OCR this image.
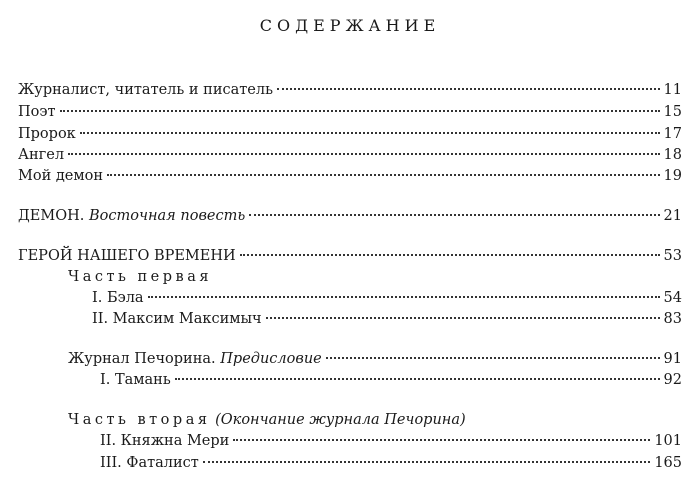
СОДЕРЖАНИЕ
Журналист, читатель и писатель	11
Поэт	15
Пророк	17
Ангел	18
Мой демон	19
ДЕМОН. Восточная повесть	21
ГЕРОЙ НАШЕГО ВРЕМЕНИ	53
Часть первая
I. Бэла	54
II. Максим Максимыч	83
Журнал Печорина. Предисловие	91
I. Тамань	92
Часть вторая (Окончание журнала Печорина)
II. Княжна Мери	101
III. Фаталист	165
